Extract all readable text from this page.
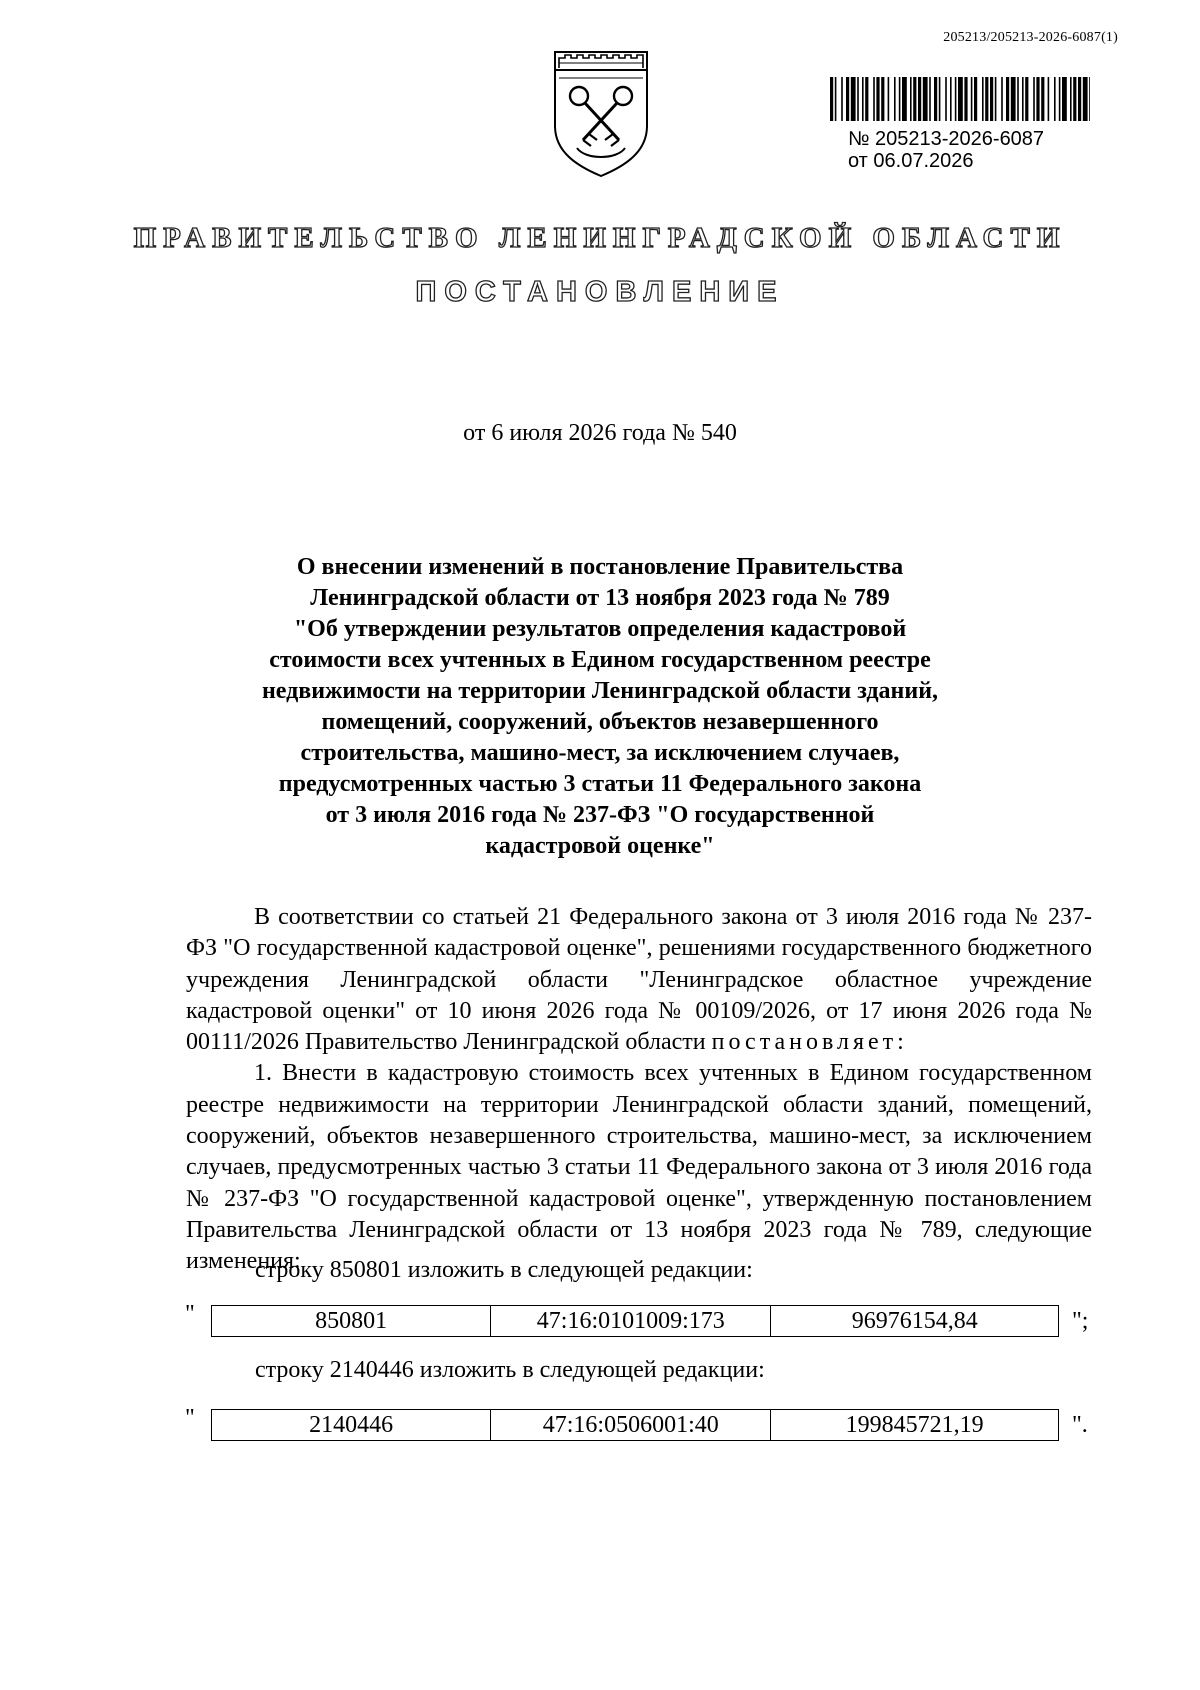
205213/205213-2026-6087(1)
№ 205213-2026-6087
от 06.07.2026
ПРАВИТЕЛЬСТВО ЛЕНИНГРАДСКОЙ ОБЛАСТИ
ПОСТАНОВЛЕНИЕ
от 6 июля 2026 года № 540
О внесении изменений в постановление Правительства
Ленинградской области от 13 ноября 2023 года № 789
"Об утверждении результатов определения кадастровой
стоимости всех учтенных в Едином государственном реестре
недвижимости на территории Ленинградской области зданий,
помещений, сооружений, объектов незавершенного
строительства, машино-мест, за исключением случаев,
предусмотренных частью 3 статьи 11 Федерального закона
от 3 июля 2016 года № 237-ФЗ "О государственной
кадастровой оценке"

В соответствии со статьей 21 Федерального закона от 3 июля 2016 года № 237-ФЗ "О государственной кадастровой оценке", решениями государственного бюджетного учреждения Ленинградской области "Ленинградское областное учреждение кадастровой оценки" от 10 июня 2026 года № 00109/2026, от 17 июня 2026 года № 00111/2026 Правительство Ленинградской области постановляет:

1. Внести в кадастровую стоимость всех учтенных в Едином государственном реестре недвижимости на территории Ленинградской области зданий, помещений, сооружений, объектов незавершенного строительства, машино-мест, за исключением случаев, предусмотренных частью 3 статьи 11 Федерального закона от 3 июля 2016 года № 237-ФЗ "О государственной кадастровой оценке", утвержденную постановлением Правительства Ленинградской области от 13 ноября 2023 года № 789, следующие изменения:

строку 850801 изложить в следующей редакции:
"	850801	47:16:0101009:173	96976154,84	";
строку 2140446 изложить в следующей редакции:
"	2140446	47:16:0506001:40	199845721,19	".
